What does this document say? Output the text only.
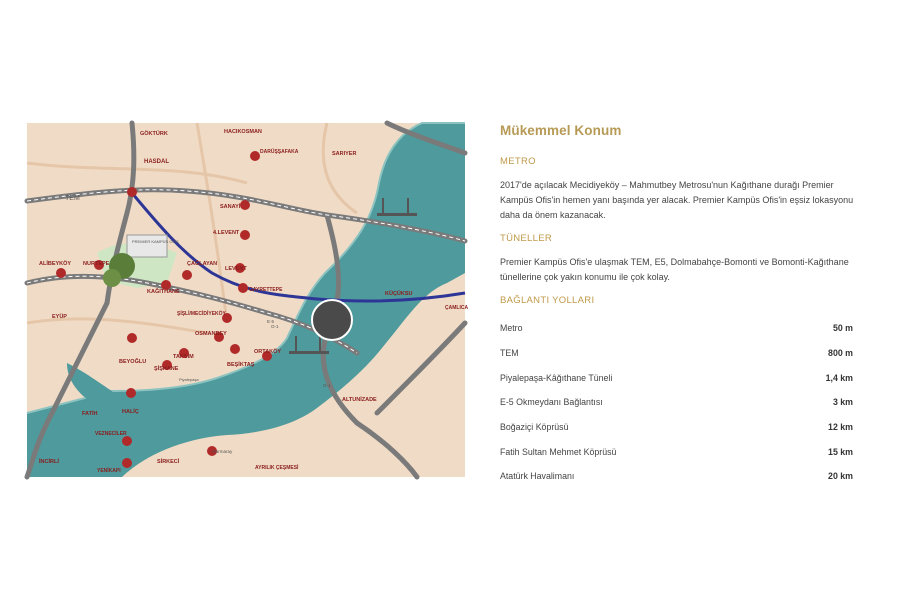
GÖKTÜRK	HACIKOSMAN
HASDAL
TEM
SARIYER
DARÜŞŞAFAKA
SANAYİ
4.LEVENT
ÇAĞLAYAN
LEVENT
GAYRETTEPE
KÜÇÜKSU
ALİBEYKÖY NURTEPE
KAĞITHANE
EYÜP	ŞİŞLİ/MECİDİYEKÖY
OSMANBEY
BEYOĞLU
TAKSİM
ŞİŞHANE
BEŞİKTAŞ
ORTAKÖY
HALİÇ
FATİH
ALTUNİZADE
VEZNECİLER
İNCİRLİ
YENİKAPI
SİRKECİ
AYRILIK ÇEŞMESİ
ÇAMLICA
PREMIER KAMPÜS OFİS
Marmaray
Piyalepaşa
E-5
O-1
O-1
Mükemmel Konum
METRO

2017'de açılacak Mecidiyeköy – Mahmutbey Metrosu'nun Kağıthane durağı Premier Kampüs Ofis'in hemen yanı başında yer alacak. Premier Kampüs Ofis'in eşsiz lokasyonu daha da önem kazanacak.

TÜNELLER

Premier Kampüs Ofis'e ulaşmak TEM, E5, Dolmabahçe-Bomonti ve Bomonti-Kağıthane tünellerine çok yakın konumu ile çok kolay.

BAĞLANTI YOLLARI
Metro	50 m
TEM	800 m
Piyalepaşa-Kâğıthane Tüneli	1,4 km
E-5 Okmeydanı Bağlantısı	3 km
Boğaziçi Köprüsü	12 km
Fatih Sultan Mehmet Köprüsü	15 km
Atatürk Havalimanı	20 km
